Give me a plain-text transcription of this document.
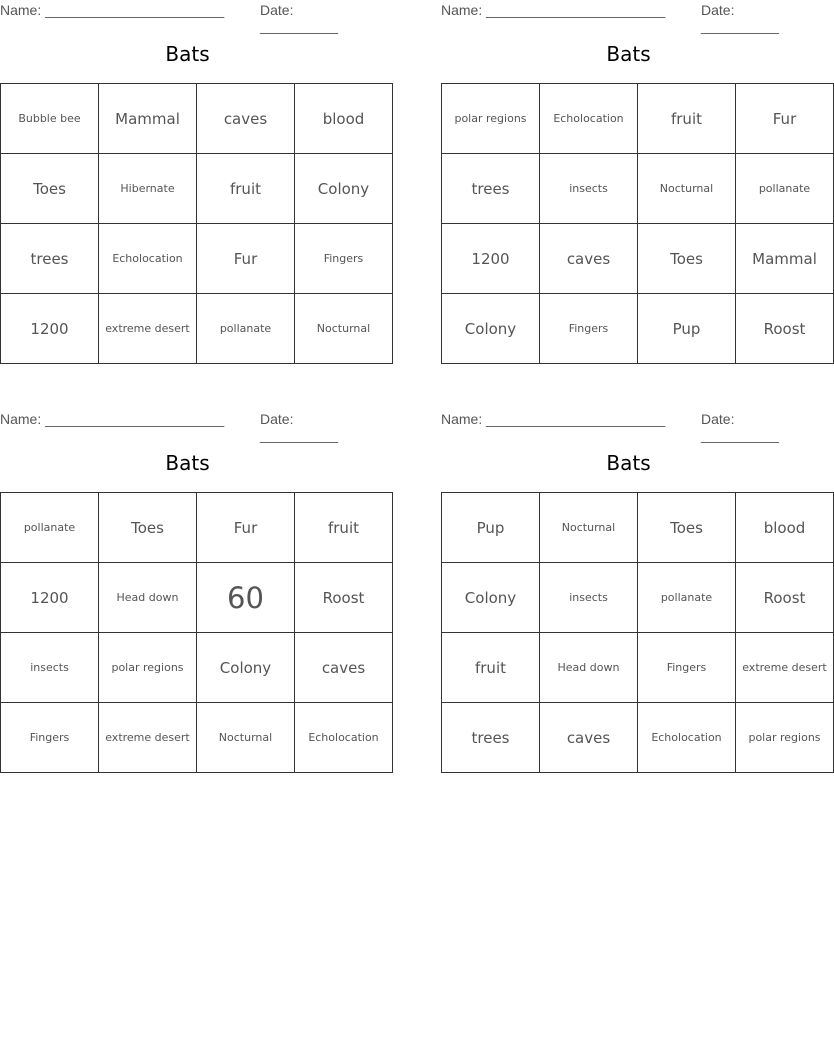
Name: _______________________	Date: __________
Bats
Bubble bee	Mammal	caves	blood
Toes	Hibernate	fruit	Colony
trees	Echolocation	Fur	Fingers
1200	extreme desert	pollanate	Nocturnal
Name: _______________________	Date: __________
Bats
polar regions	Echolocation	fruit	Fur
trees	insects	Nocturnal	pollanate
1200	caves	Toes	Mammal
Colony	Fingers	Pup	Roost
Name: _______________________	Date: __________
Bats
pollanate	Toes	Fur	fruit
1200	Head down	60	Roost
insects	polar regions	Colony	caves
Fingers	extreme desert	Nocturnal	Echolocation
Name: _______________________	Date: __________
Bats
Pup	Nocturnal	Toes	blood
Colony	insects	pollanate	Roost
fruit	Head down	Fingers	extreme desert
trees	caves	Echolocation	polar regions
